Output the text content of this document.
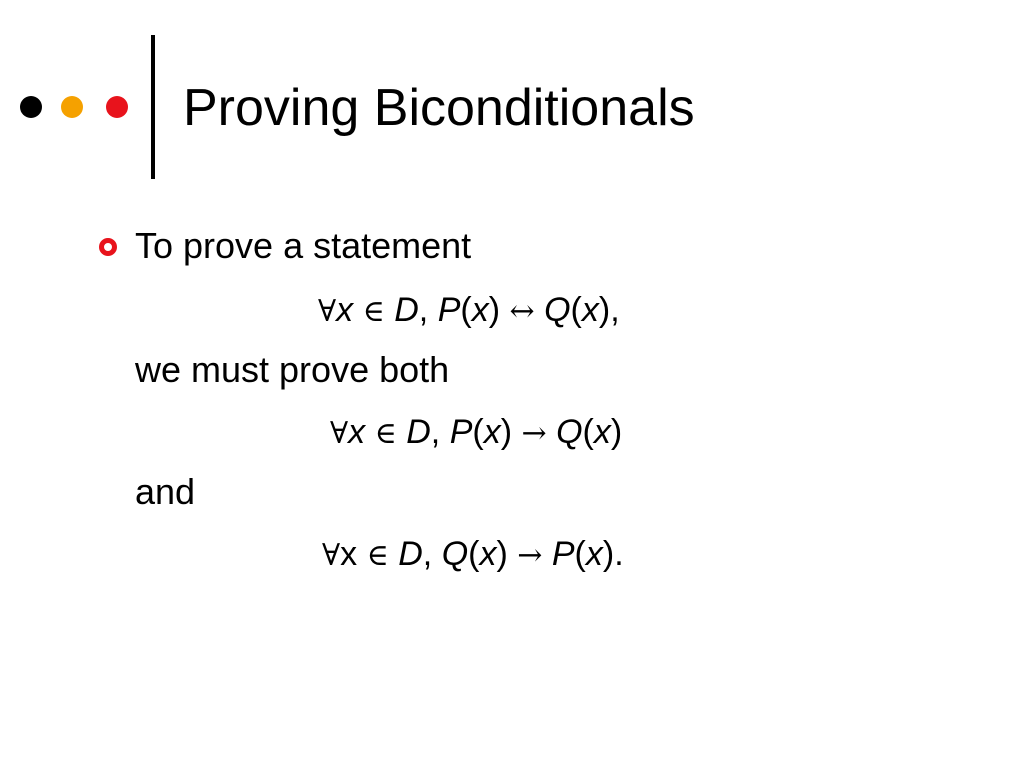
Proving Biconditionals
To prove a statement
∀x ∈ D, P(x) ↔ Q(x),
we must prove both
∀x ∈ D, P(x) → Q(x)
and
∀x ∈ D, Q(x) → P(x).
